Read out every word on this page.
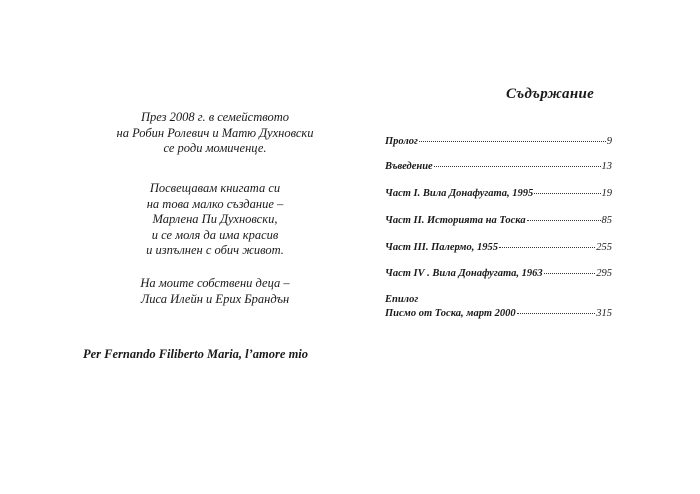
През 2008 г. в семейството
на Робин Ролевич и Матю Духновски
се роди момиченце.
Посвещавам книгата си
на това малко създание –
Марлена Пи Духновски,
и се моля да има красив
и изпълнен с обич живот.
На моите собствени деца –
Лиса Илейн и Ерих Брандън
Per Fernando Filiberto Maria, l’amore mio
Съдържание
Пролог	9
Въведение	13
Част I. Вила Донафугата, 1995	19
Част II. Историята на Тоска	85
Част III. Палермо, 1955	255
Част IV . Вила Донафугата, 1963	295
Епилог
Писмо от Тоска, март 2000	315
